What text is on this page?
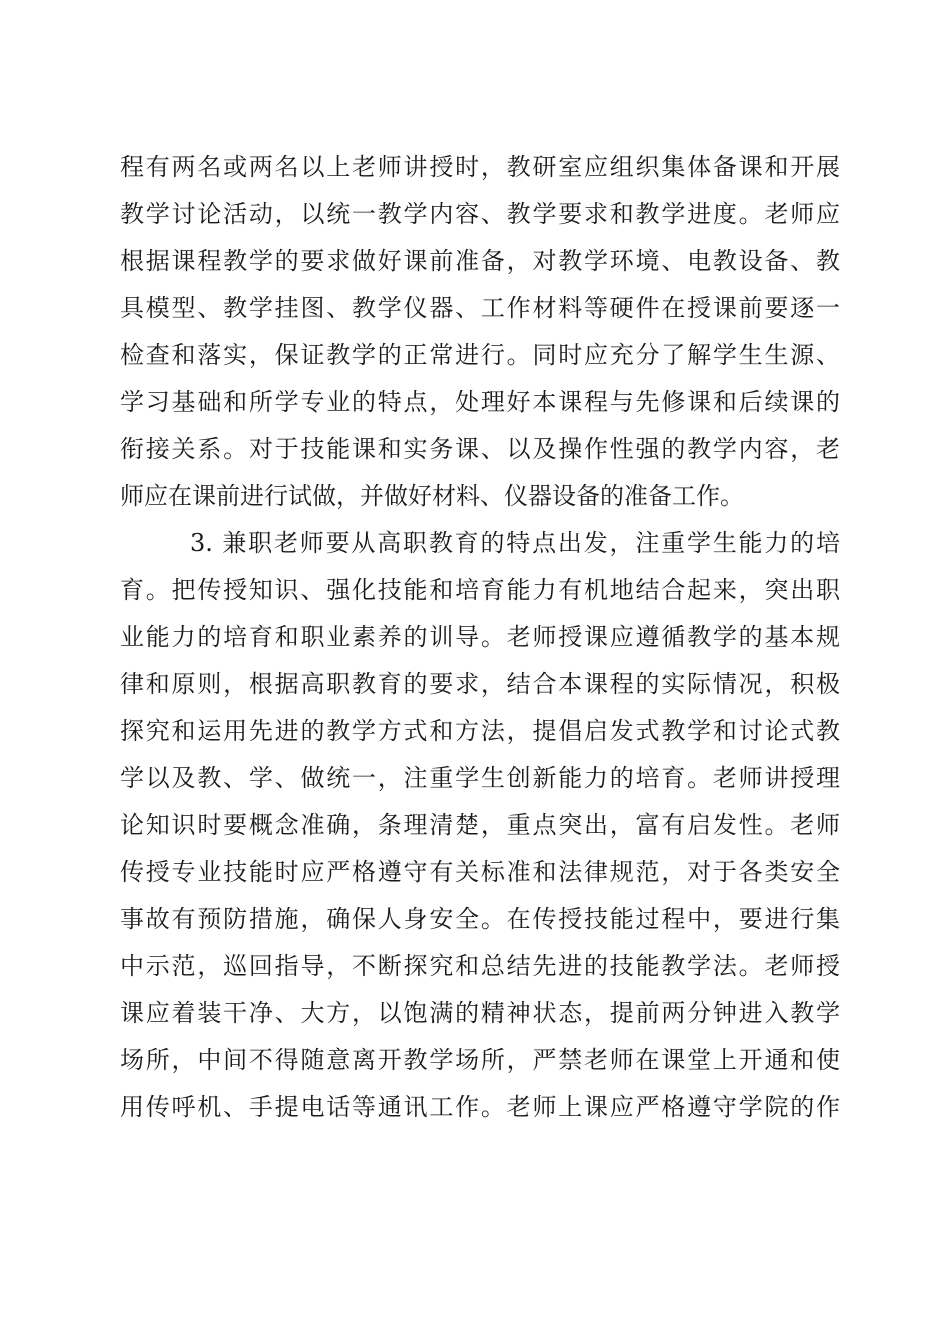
程有两名或两名以上老师讲授时，教研室应组织集体备课和开展
教学讨论活动，以统一教学内容、教学要求和教学进度。老师应
根据课程教学的要求做好课前准备，对教学环境、电教设备、教
具模型、教学挂图、教学仪器、工作材料等硬件在授课前要逐一
检查和落实，保证教学的正常进行。同时应充分了解学生生源、
学习基础和所学专业的特点，处理好本课程与先修课和后续课的
衔接关系。对于技能课和实务课、以及操作性强的教学内容，老
师应在课前进行试做，并做好材料、仪器设备的准备工作。
3. 兼职老师要从高职教育的特点出发，注重学生能力的培
育。把传授知识、强化技能和培育能力有机地结合起来，突出职
业能力的培育和职业素养的训导。老师授课应遵循教学的基本规
律和原则，根据高职教育的要求，结合本课程的实际情况，积极
探究和运用先进的教学方式和方法，提倡启发式教学和讨论式教
学以及教、学、做统一，注重学生创新能力的培育。老师讲授理
论知识时要概念准确，条理清楚，重点突出，富有启发性。老师
传授专业技能时应严格遵守有关标准和法律规范，对于各类安全
事故有预防措施，确保人身安全。在传授技能过程中，要进行集
中示范，巡回指导，不断探究和总结先进的技能教学法。老师授
课应着装干净、大方，以饱满的精神状态，提前两分钟进入教学
场所，中间不得随意离开教学场所，严禁老师在课堂上开通和使
用传呼机、手提电话等通讯工作。老师上课应严格遵守学院的作
